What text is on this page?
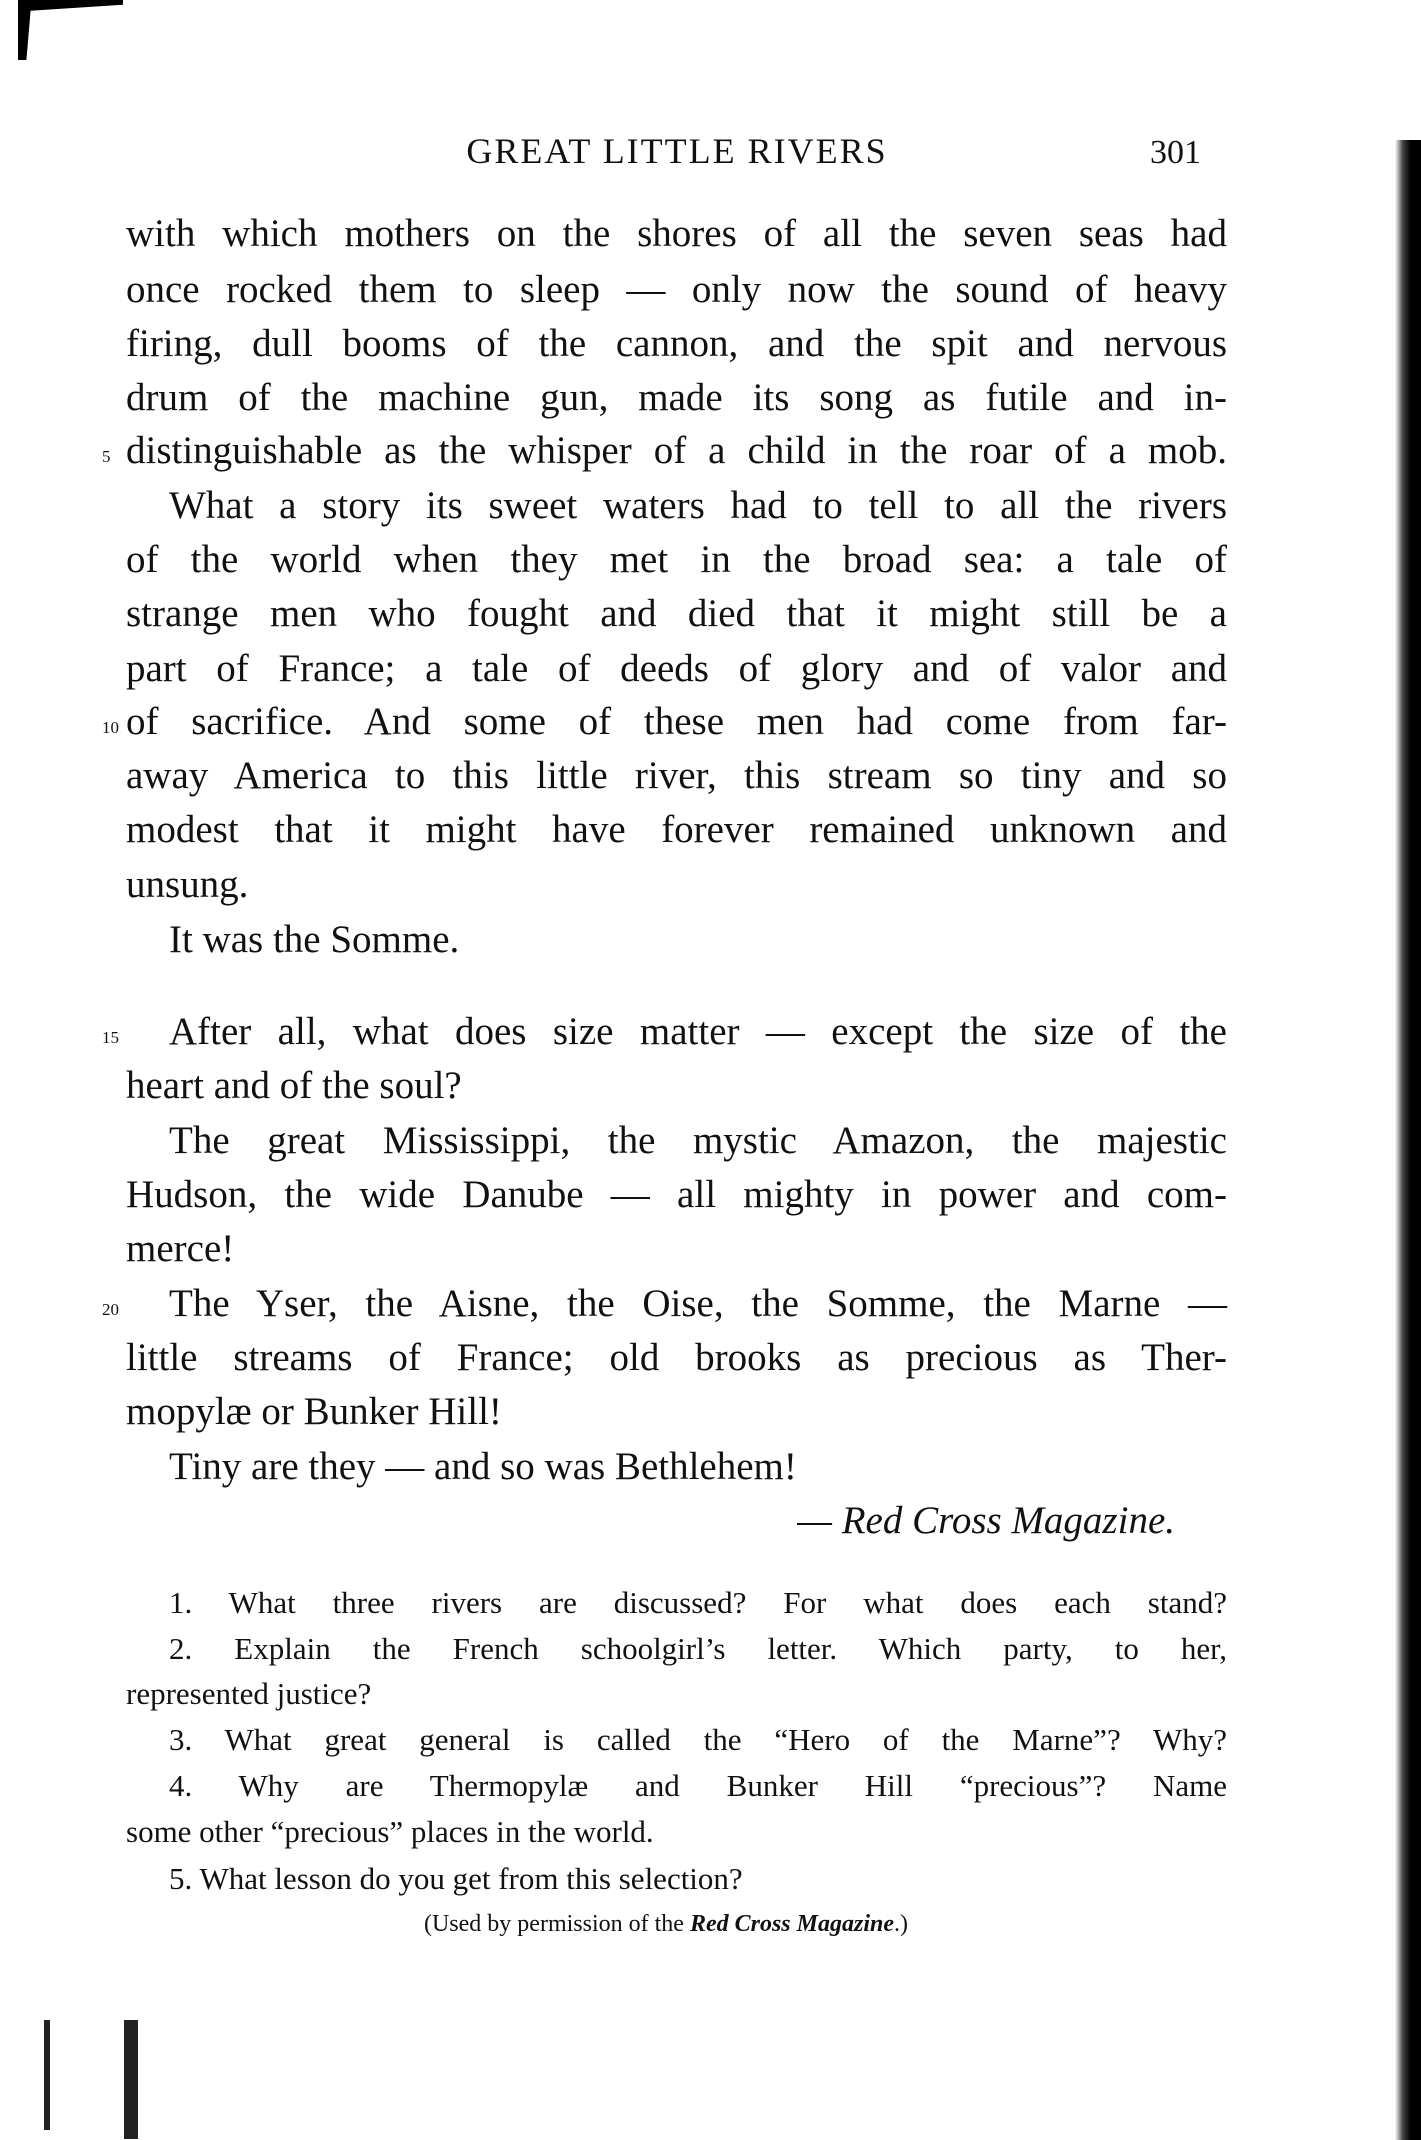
GREAT LITTLE RIVERS	301
with which mothers on the shores of all the seven seas had
once rocked them to sleep — only now the sound of heavy
firing, dull booms of the cannon, and the spit and nervous
drum of the machine gun, made its song as futile and in-
distinguishable as the whisper of a child in the roar of a mob.
5
What a story its sweet waters had to tell to all the rivers
of the world when they met in the broad sea: a tale of
strange men who fought and died that it might still be a
part of France; a tale of deeds of glory and of valor and
of sacrifice. And some of these men had come from far-
10
away America to this little river, this stream so tiny and so
modest that it might have forever remained unknown and
unsung.
It was the Somme.
After all, what does size matter — except the size of the
15
heart and of the soul?
The great Mississippi, the mystic Amazon, the majestic
Hudson, the wide Danube — all mighty in power and com-
merce!
The Yser, the Aisne, the Oise, the Somme, the Marne —
20
little streams of France; old brooks as precious as Ther-
mopylæ or Bunker Hill!
Tiny are they — and so was Bethlehem!
— Red Cross Magazine.
1. What three rivers are discussed? For what does each stand?
2. Explain the French schoolgirl’s letter. Which party, to her,
represented justice?
3. What great general is called the “Hero of the Marne”? Why?
4. Why are Thermopylæ and Bunker Hill “precious”? Name
some other “precious” places in the world.
5. What lesson do you get from this selection?
(Used by permission of the Red Cross Magazine.)
